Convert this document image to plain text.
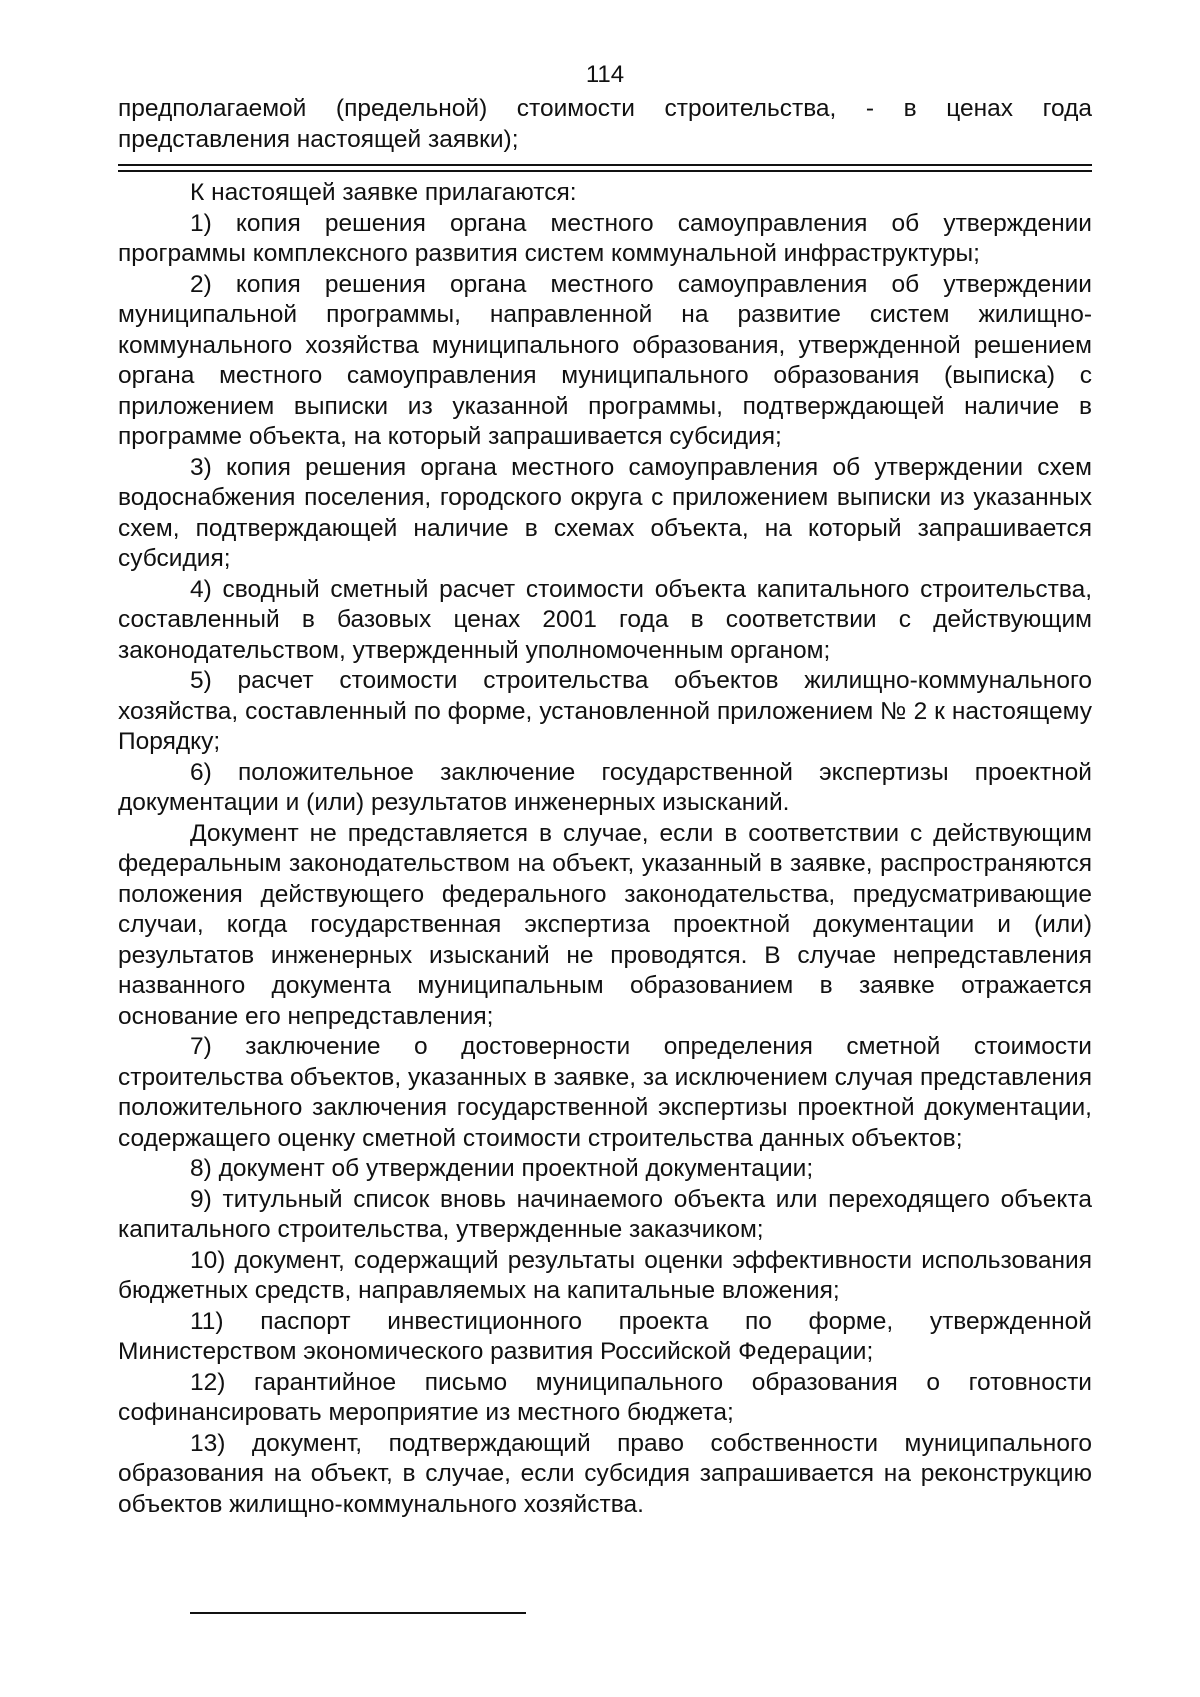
114

предполагаемой (предельной) стоимости строительства, - в ценах года представления настоящей заявки);

К настоящей заявке прилагаются:

1) копия решения органа местного самоуправления об утверждении программы комплексного развития систем коммунальной инфраструктуры;

2) копия решения органа местного самоуправления об утверждении муниципальной программы, направленной на развитие систем жилищно-коммунального хозяйства муниципального образования, утвержденной решением органа местного самоуправления муниципального образования (выписка) с приложением выписки из указанной программы, подтверждающей наличие в программе объекта, на который запрашивается субсидия;

3) копия решения органа местного самоуправления об утверждении схем водоснабжения поселения, городского округа с приложением выписки из указанных схем, подтверждающей наличие в схемах объекта, на который запрашивается субсидия;

4) сводный сметный расчет стоимости объекта капитального строительства, составленный в базовых ценах 2001 года в соответствии с действующим законодательством, утвержденный уполномоченным органом;

5) расчет стоимости строительства объектов жилищно-коммунального хозяйства, составленный по форме, установленной приложением № 2 к настоящему Порядку;

6) положительное заключение государственной экспертизы проектной документации и (или) результатов инженерных изысканий.

Документ не представляется в случае, если в соответствии с действующим федеральным законодательством на объект, указанный в заявке, распространяются положения действующего федерального законодательства, предусматривающие случаи, когда государственная экспертиза проектной документации и (или) результатов инженерных изысканий не проводятся. В случае непредставления названного документа муниципальным образованием в заявке отражается основание его непредставления;

7) заключение о достоверности определения сметной стоимости строительства объектов, указанных в заявке, за исключением случая представления положительного заключения государственной экспертизы проектной документации, содержащего оценку сметной стоимости строительства данных объектов;

8) документ об утверждении проектной документации;

9) титульный список вновь начинаемого объекта или переходящего объекта капитального строительства, утвержденные заказчиком;

10) документ, содержащий результаты оценки эффективности использования бюджетных средств, направляемых на капитальные вложения;

11) паспорт инвестиционного проекта по форме, утвержденной Министерством экономического развития Российской Федерации;

12) гарантийное письмо муниципального образования о готовности софинансировать мероприятие из местного бюджета;

13) документ, подтверждающий право собственности муниципального образования на объект, в случае, если субсидия запрашивается на реконструкцию объектов жилищно-коммунального хозяйства.
